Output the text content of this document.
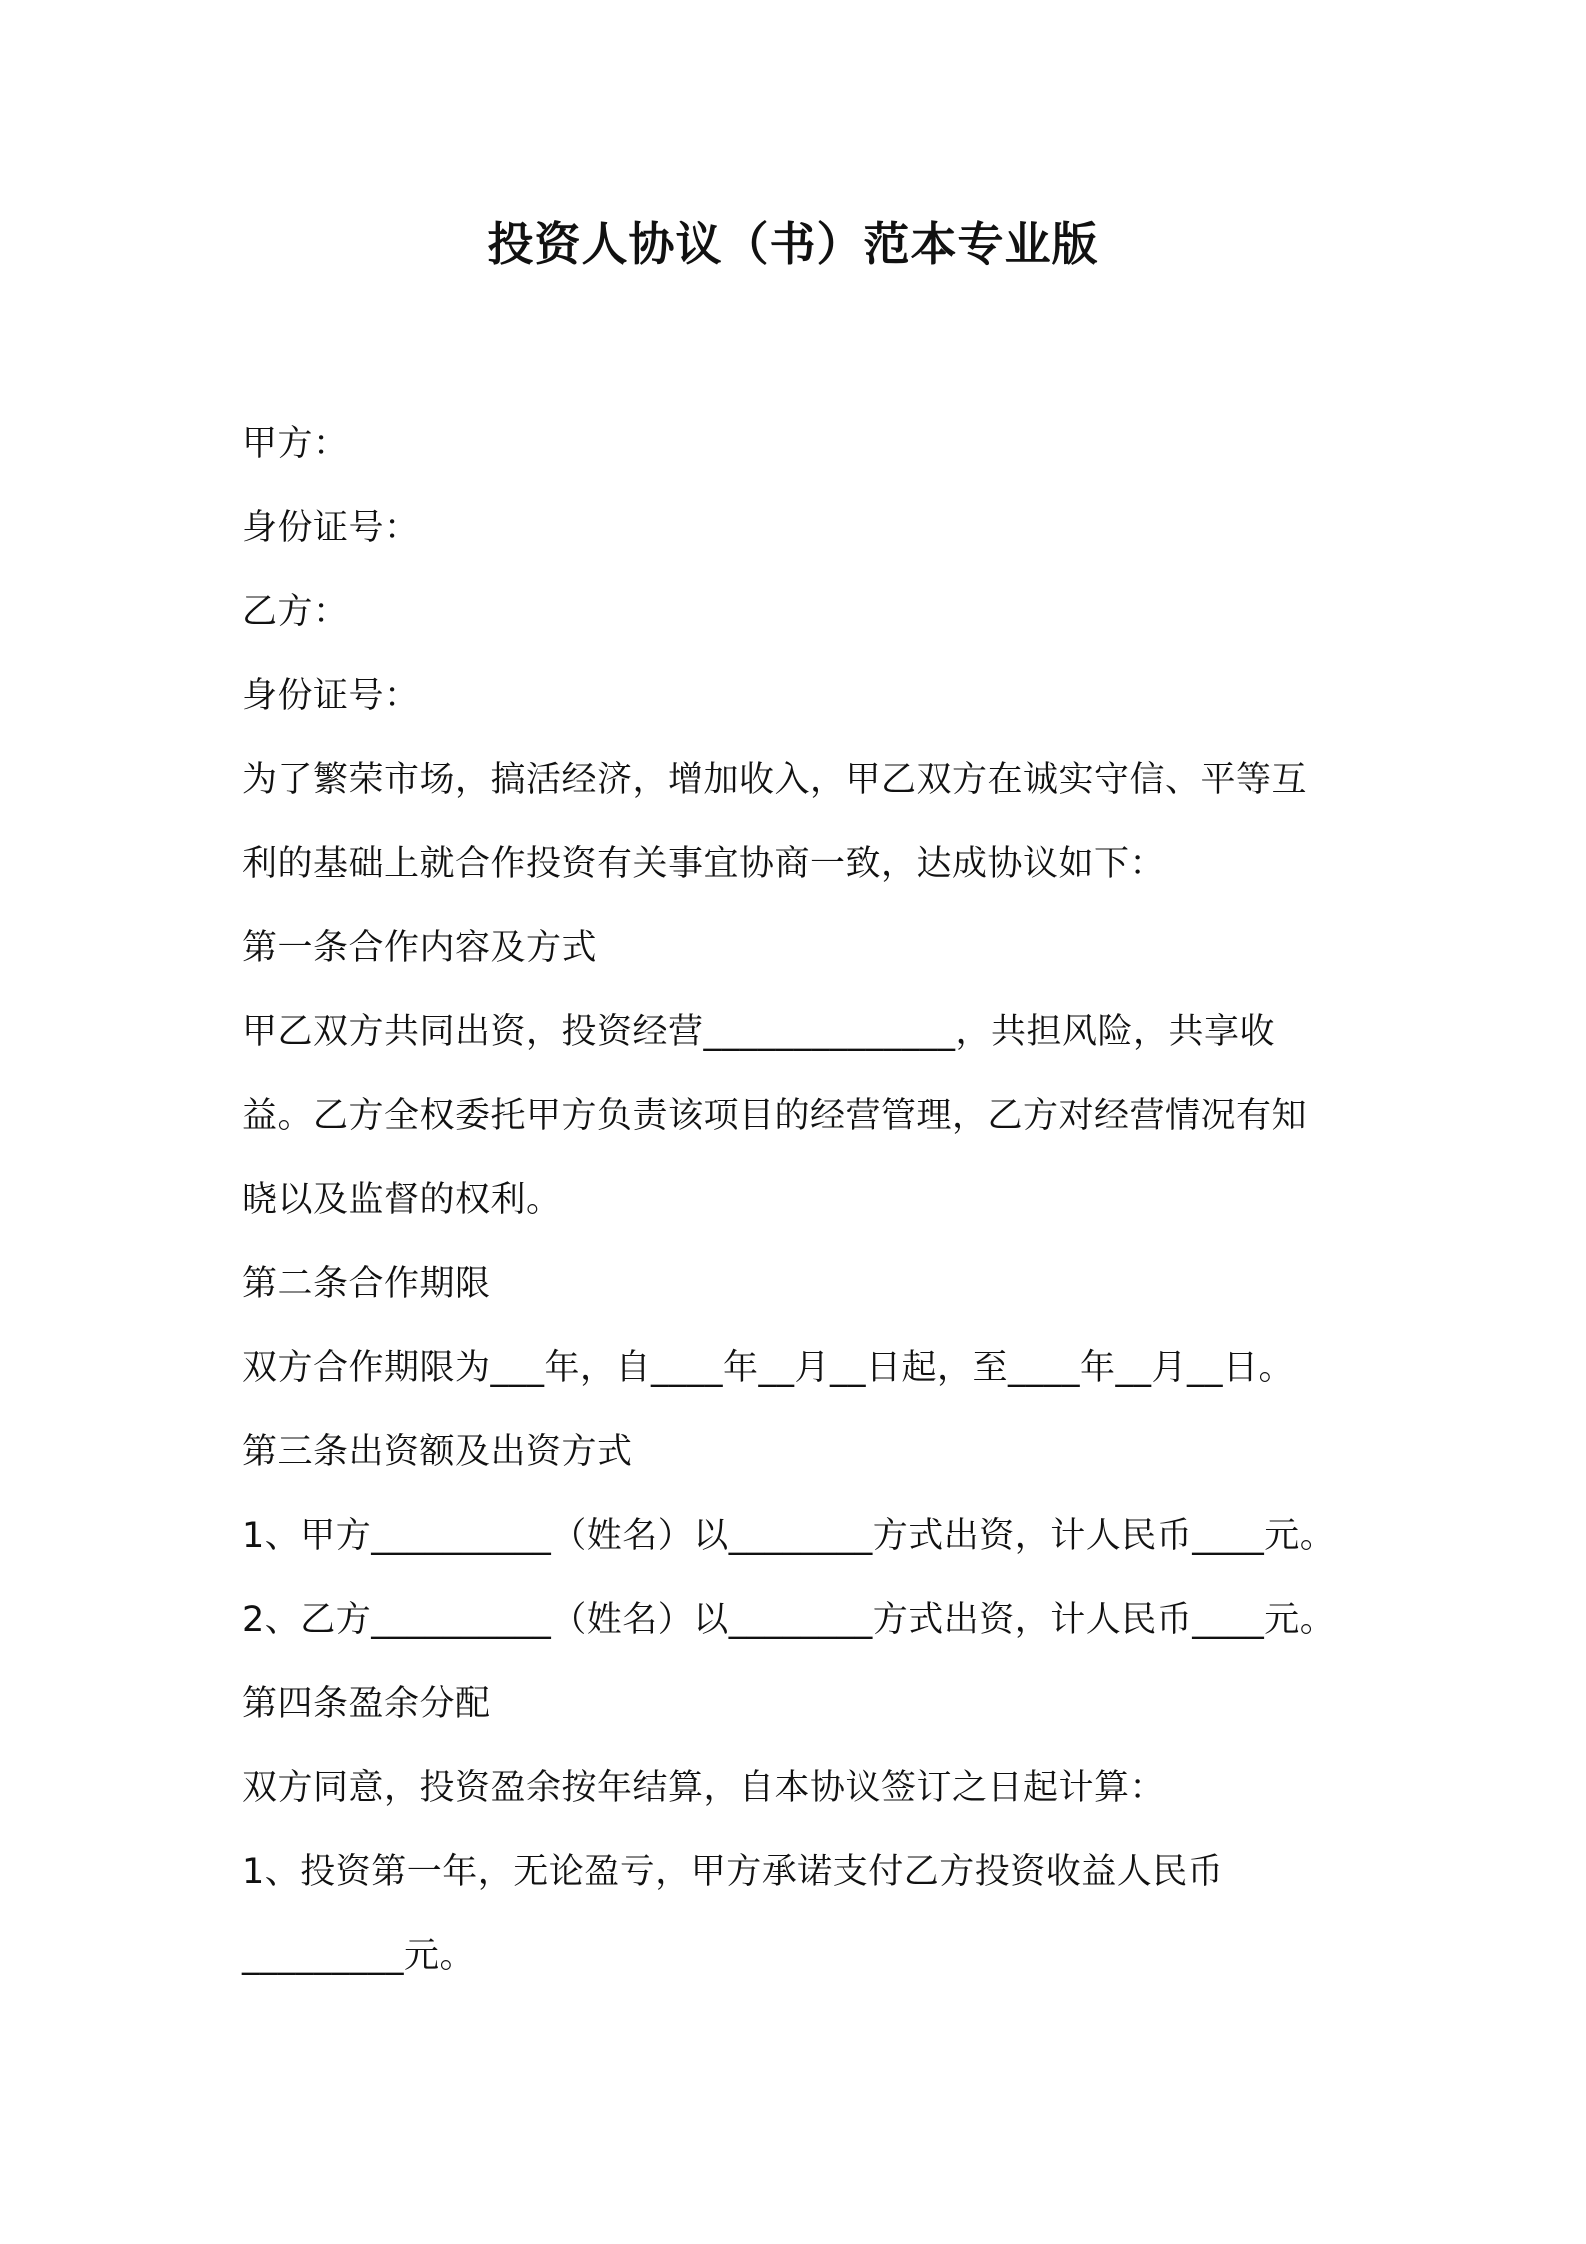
投资人协议（书）范本专业版
甲方：
身份证号：
乙方：
身份证号：
为了繁荣市场，搞活经济，增加收入，甲乙双方在诚实守信、平等互
利的基础上就合作投资有关事宜协商一致，达成协议如下：
第一条合作内容及方式
甲乙双方共同出资，投资经营______________，共担风险，共享收
益。乙方全权委托甲方负责该项目的经营管理，乙方对经营情况有知
晓以及监督的权利。
第二条合作期限
双方合作期限为___年，自____年__月__日起，至____年__月__日。
第三条出资额及出资方式
1、甲方__________（姓名）以________方式出资，计人民币____元。
2、乙方__________（姓名）以________方式出资，计人民币____元。
第四条盈余分配
双方同意，投资盈余按年结算，自本协议签订之日起计算：
1、投资第一年，无论盈亏，甲方承诺支付乙方投资收益人民币
_________元。
